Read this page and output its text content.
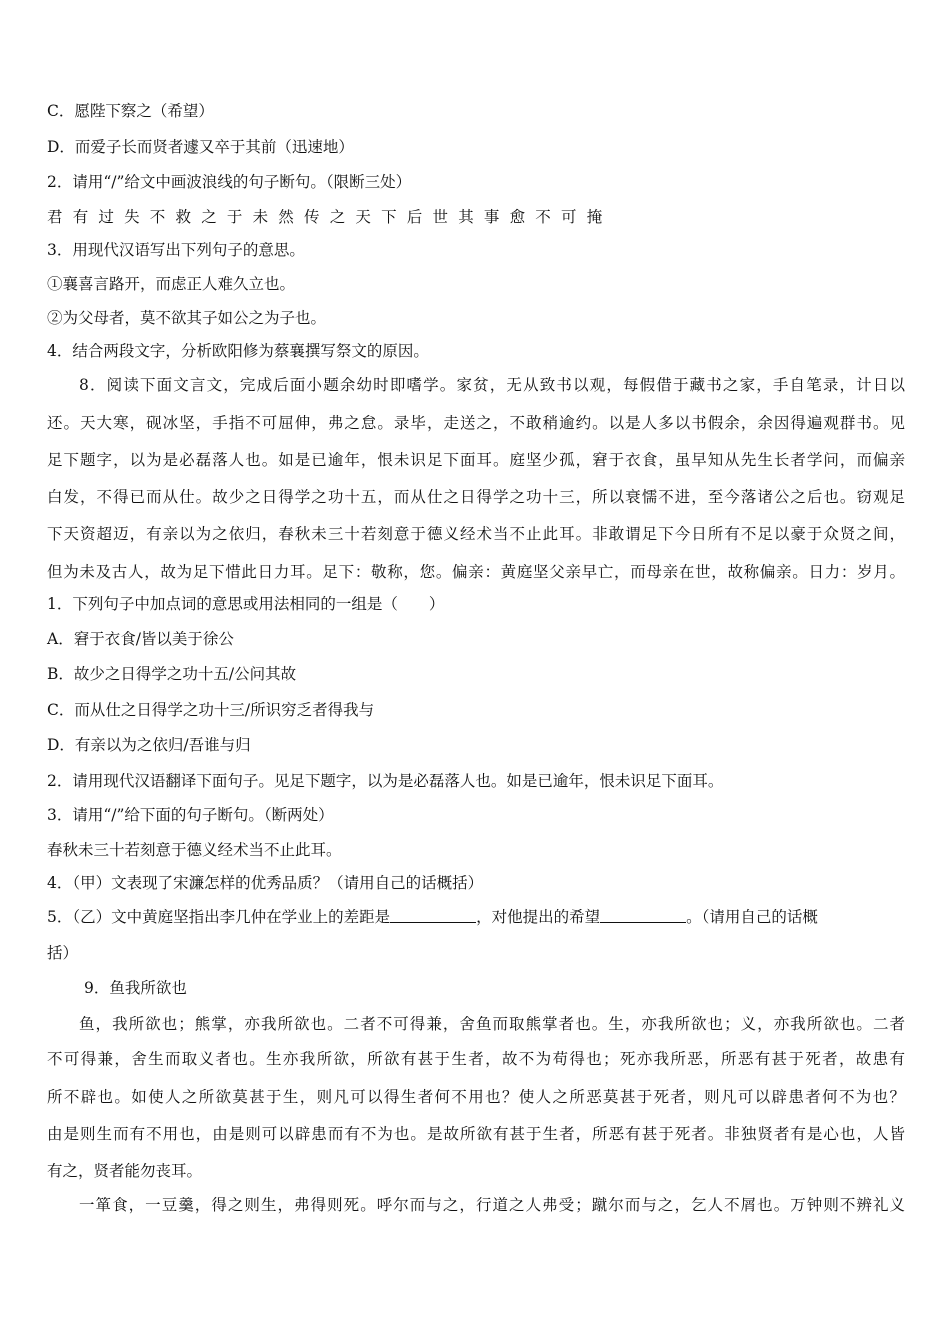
C．愿陛下察之（希望）

D．而爱子长而贤者遽又卒于其前（迅速地）

2．请用“/”给文中画波浪线的句子断句。（限断三处）

君有过失不救之于未然传之天下后世其事愈不可掩

3．用现代汉语写出下列句子的意思。

①襄喜言路开，而虑正人难久立也。

②为父母者，莫不欲其子如公之为子也。

4．结合两段文字，分析欧阳修为蔡襄撰写祭文的原因。

8．阅读下面文言文，完成后面小题余幼时即嗜学。家贫，无从致书以观，每假借于藏书之家，手自笔录，计日以

还。天大寒，砚冰坚，手指不可屈伸，弗之怠。录毕，走送之，不敢稍逾约。以是人多以书假余，余因得遍观群书。见

足下题字，以为是必磊落人也。如是已逾年，恨未识足下面耳。庭坚少孤，窘于衣食，虽早知从先生长者学问，而偏亲

白发，不得已而从仕。故少之日得学之功十五，而从仕之日得学之功十三，所以衰懦不进，至今落诸公之后也。窃观足

下天资超迈，有亲以为之依归，春秋未三十若刻意于德义经术当不止此耳。非敢谓足下今日所有不足以豪于众贤之间，

但为未及古人，故为足下惜此日力耳。足下：敬称，您。偏亲：黄庭坚父亲早亡，而母亲在世，故称偏亲。日力：岁月。

1．下列句子中加点词的意思或用法相同的一组是（　　）

A．窘于衣食/皆以美于徐公

B．故少之日得学之功十五/公问其故

C．而从仕之日得学之功十三/所识穷乏者得我与

D．有亲以为之依归/吾谁与归

2．请用现代汉语翻译下面句子。见足下题字，以为是必磊落人也。如是已逾年，恨未识足下面耳。

3．请用“/”给下面的句子断句。（断两处）

春秋未三十若刻意于德义经术当不止此耳。

4．（甲）文表现了宋濂怎样的优秀品质？（请用自己的话概括）

5．（乙）文中黄庭坚指出李几仲在学业上的差距是	，对他提出的希望	。（请用自己的话概

括）

9．鱼我所欲也

鱼，我所欲也；熊掌，亦我所欲也。二者不可得兼，舍鱼而取熊掌者也。生，亦我所欲也；义，亦我所欲也。二者

不可得兼，舍生而取义者也。生亦我所欲，所欲有甚于生者，故不为苟得也；死亦我所恶，所恶有甚于死者，故患有

所不辟也。如使人之所欲莫甚于生，则凡可以得生者何不用也？使人之所恶莫甚于死者，则凡可以辟患者何不为也？

由是则生而有不用也，由是则可以辟患而有不为也。是故所欲有甚于生者，所恶有甚于死者。非独贤者有是心也，人皆

有之，贤者能勿丧耳。

一箪食，一豆羹，得之则生，弗得则死。呼尔而与之，行道之人弗受；蹴尔而与之，乞人不屑也。万钟则不辨礼义
